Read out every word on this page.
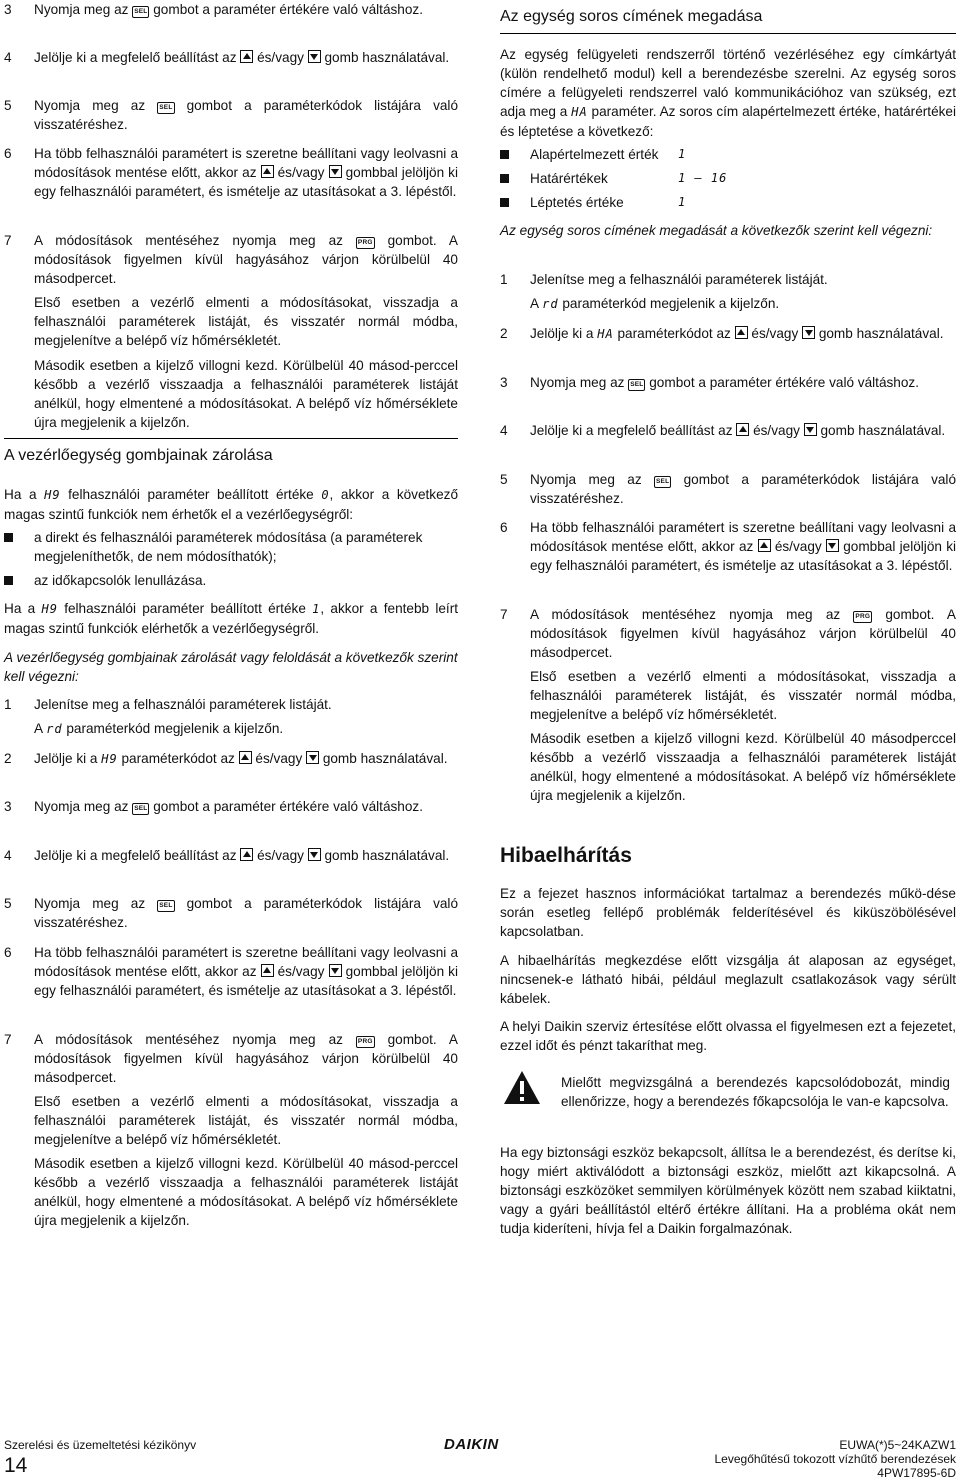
3 Nyomja meg az SEL gombot a paraméter értékére való váltáshoz.
4 Jelölje ki a megfelelő beállítást az és/vagy gomb használatával.
5 Nyomja meg az SEL gombot a paraméterkódok listájára való visszatéréshez.
6 Ha több felhasználói paramétert is szeretne beállítani vagy leolvasni a módosítások mentése előtt, akkor az és/vagy gombbal jelöljön ki egy felhasználói paramétert, és ismételje az utasításokat a 3. lépéstől.
7 A módosítások mentéséhez nyomja meg az PRG gombot. A módosítások figyelmen kívül hagyásához várjon körülbelül 40 másodpercet.
Első esetben a vezérlő elmenti a módosításokat, visszadja a felhasználói paraméterek listáját, és visszatér normál módba, megjelenítve a belépő víz hőmérsékletét.
Második esetben a kijelző villogni kezd. Körülbelül 40 másod-perccel később a vezérlő visszaadja a felhasználói paraméterek listáját anélkül, hogy elmentené a módosításokat. A belépő víz hőmérséklete újra megjelenik a kijelzőn.
A vezérlőegység gombjainak zárolása
Ha a H9 felhasználói paraméter beállított értéke 0, akkor a következő magas szintű funkciók nem érhetők el a vezérlőegységről:
a direkt és felhasználói paraméterek módosítása (a paraméterek megjeleníthetők, de nem módosíthatók);
az időkapcsolók lenullázása.
Ha a H9 felhasználói paraméter beállított értéke 1, akkor a fentebb leírt magas szintű funkciók elérhetők a vezérlőegységről.
A vezérlőegység gombjainak zárolását vagy feloldását a következők szerint kell végezni:
1 Jelenítse meg a felhasználói paraméterek listáját.
A rd paraméterkód megjelenik a kijelzőn.
2 Jelölje ki a H9 paraméterkódot az és/vagy gomb használatával.
3 Nyomja meg az SEL gombot a paraméter értékére való váltáshoz.
4 Jelölje ki a megfelelő beállítást az és/vagy gomb használatával.
5 Nyomja meg az SEL gombot a paraméterkódok listájára való visszatéréshez.
6 Ha több felhasználói paramétert is szeretne beállítani vagy leolvasni a módosítások mentése előtt, akkor az és/vagy gombbal jelöljön ki egy felhasználói paramétert, és ismételje az utasításokat a 3. lépéstől.
7 A módosítások mentéséhez nyomja meg az PRG gombot. A módosítások figyelmen kívül hagyásához várjon körülbelül 40 másodpercet.
Első esetben a vezérlő elmenti a módosításokat, visszadja a felhasználói paraméterek listáját, és visszatér normál módba, megjelenítve a belépő víz hőmérsékletét.
Második esetben a kijelző villogni kezd. Körülbelül 40 másod-perccel később a vezérlő visszaadja a felhasználói paraméterek listáját anélkül, hogy elmentené a módosításokat. A belépő víz hőmérséklete újra megjelenik a kijelzőn.
Az egység soros címének megadása
Az egység felügyeleti rendszerről történő vezérléséhez egy címkártyát (külön rendelhető modul) kell a berendezésbe szerelni. Az egység soros címére a felügyeleti rendszerrel való kommunikációhoz van szükség, ezt adja meg a HA paraméter. Az soros cím alapértelmezett értéke, határértékei és léptetése a következő:
Alapértelmezett érték 1
Határértékek	1 – 16
Léptetés értéke	1
Az egység soros címének megadását a következők szerint kell végezni:
1 Jelenítse meg a felhasználói paraméterek listáját.
A rd paraméterkód megjelenik a kijelzőn.
2 Jelölje ki a HA paraméterkódot az és/vagy gomb használatával.
3 Nyomja meg az SEL gombot a paraméter értékére való váltáshoz.
4 Jelölje ki a megfelelő beállítást az és/vagy gomb használatával.
5 Nyomja meg az SEL gombot a paraméterkódok listájára való visszatéréshez.
6 Ha több felhasználói paramétert is szeretne beállítani vagy leolvasni a módosítások mentése előtt, akkor az és/vagy gombbal jelöljön ki egy felhasználói paramétert, és ismételje az utasításokat a 3. lépéstől.
7 A módosítások mentéséhez nyomja meg az PRG gombot. A módosítások figyelmen kívül hagyásához várjon körülbelül 40 másodpercet.
Első esetben a vezérlő elmenti a módosításokat, visszadja a felhasználói paraméterek listáját, és visszatér normál módba, megjelenítve a belépő víz hőmérsékletét.
Második esetben a kijelző villogni kezd. Körülbelül 40 másodperccel később a vezérlő visszaadja a felhasználói paraméterek listáját anélkül, hogy elmentené a módosításokat. A belépő víz hőmérséklete újra megjelenik a kijelzőn.
Hibaelhárítás
Ez a fejezet hasznos információkat tartalmaz a berendezés műkö-dése során esetleg fellépő problémák felderítésével és kiküszöbölésével kapcsolatban.
A hibaelhárítás megkezdése előtt vizsgálja át alaposan az egységet, nincsenek-e látható hibái, például meglazult csatlakozások vagy sérült kábelek.
A helyi Daikin szerviz értesítése előtt olvassa el figyelmesen ezt a fejezetet, ezzel időt és pénzt takaríthat meg.
Mielőtt megvizsgálná a berendezés kapcsolódobozát, mindig ellenőrizze, hogy a berendezés főkapcsolója le van-e kapcsolva.
Ha egy biztonsági eszköz bekapcsolt, állítsa le a berendezést, és derítse ki, hogy miért aktiválódott a biztonsági eszköz, mielőtt azt kikapcsolná. A biztonsági eszközöket semmilyen körülmények között nem szabad kiiktatni, vagy a gyári beállítástól eltérő értékre állítani. Ha a probléma okát nem tudja kideríteni, hívja fel a Daikin forgalmazónak.
Szerelési és üzemeltetési kézikönyv
14
DAIKIN	EUWA(*)5~24KAZW1
Levegőhűtésű tokozott vízhűtő berendezések
4PW17895-6D
